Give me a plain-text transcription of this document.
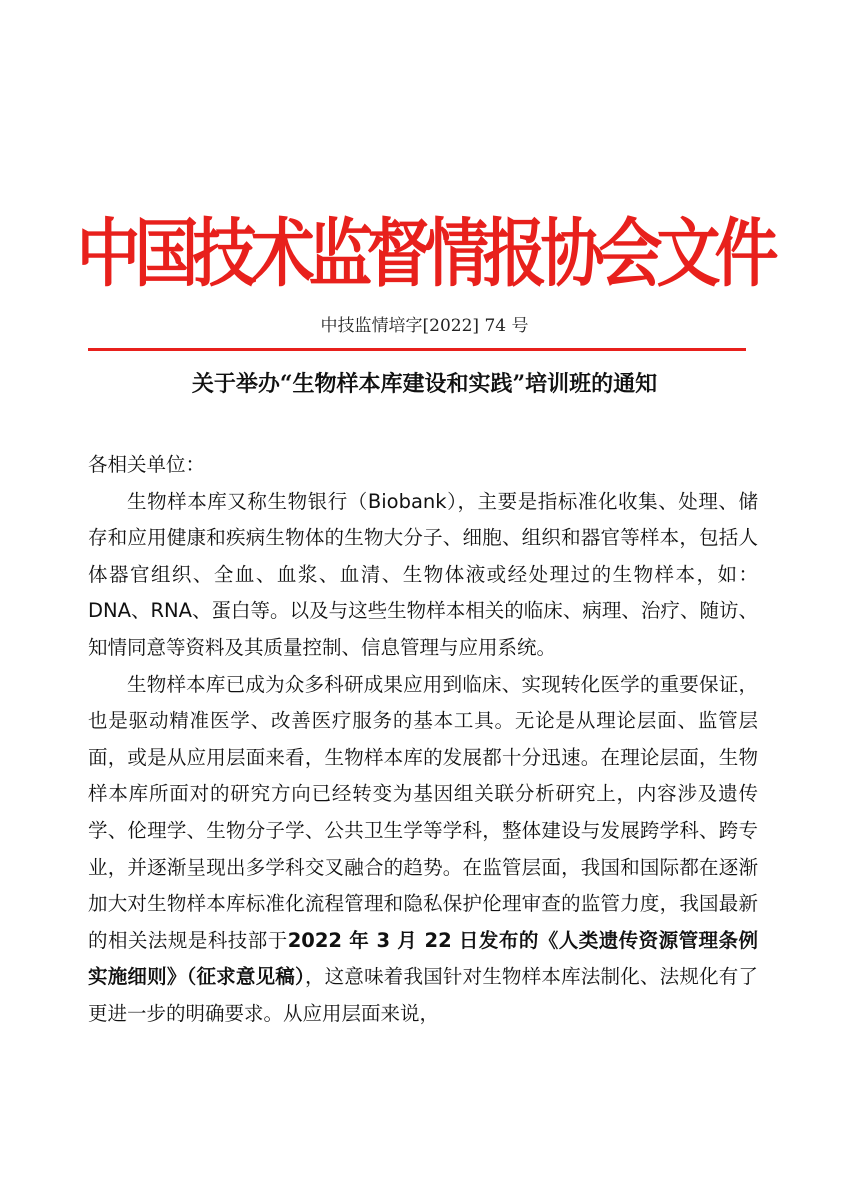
中国技术监督情报协会文件
中技监情培字[2022] 74 号
关于举办“生物样本库建设和实践”培训班的通知

各相关单位：

生物样本库又称生物银行（Biobank），主要是指标准化收集、处理、储存和应用健康和疾病生物体的生物大分子、细胞、组织和器官等样本，包括人体器官组织、全血、血浆、血清、生物体液或经处理过的生物样本，如：DNA、RNA、蛋白等。以及与这些生物样本相关的临床、病理、治疗、随访、知情同意等资料及其质量控制、信息管理与应用系统。

生物样本库已成为众多科研成果应用到临床、实现转化医学的重要保证，也是驱动精准医学、改善医疗服务的基本工具。无论是从理论层面、监管层面，或是从应用层面来看，生物样本库的发展都十分迅速。在理论层面，生物样本库所面对的研究方向已经转变为基因组关联分析研究上，内容涉及遗传学、伦理学、生物分子学、公共卫生学等学科，整体建设与发展跨学科、跨专业，并逐渐呈现出多学科交叉融合的趋势。在监管层面，我国和国际都在逐渐加大对生物样本库标准化流程管理和隐私保护伦理审查的监管力度，我国最新的相关法规是科技部于2022 年 3 月 22 日发布的《人类遗传资源管理条例实施细则》（征求意见稿），这意味着我国针对生物样本库法制化、法规化有了更进一步的明确要求。从应用层面来说，
